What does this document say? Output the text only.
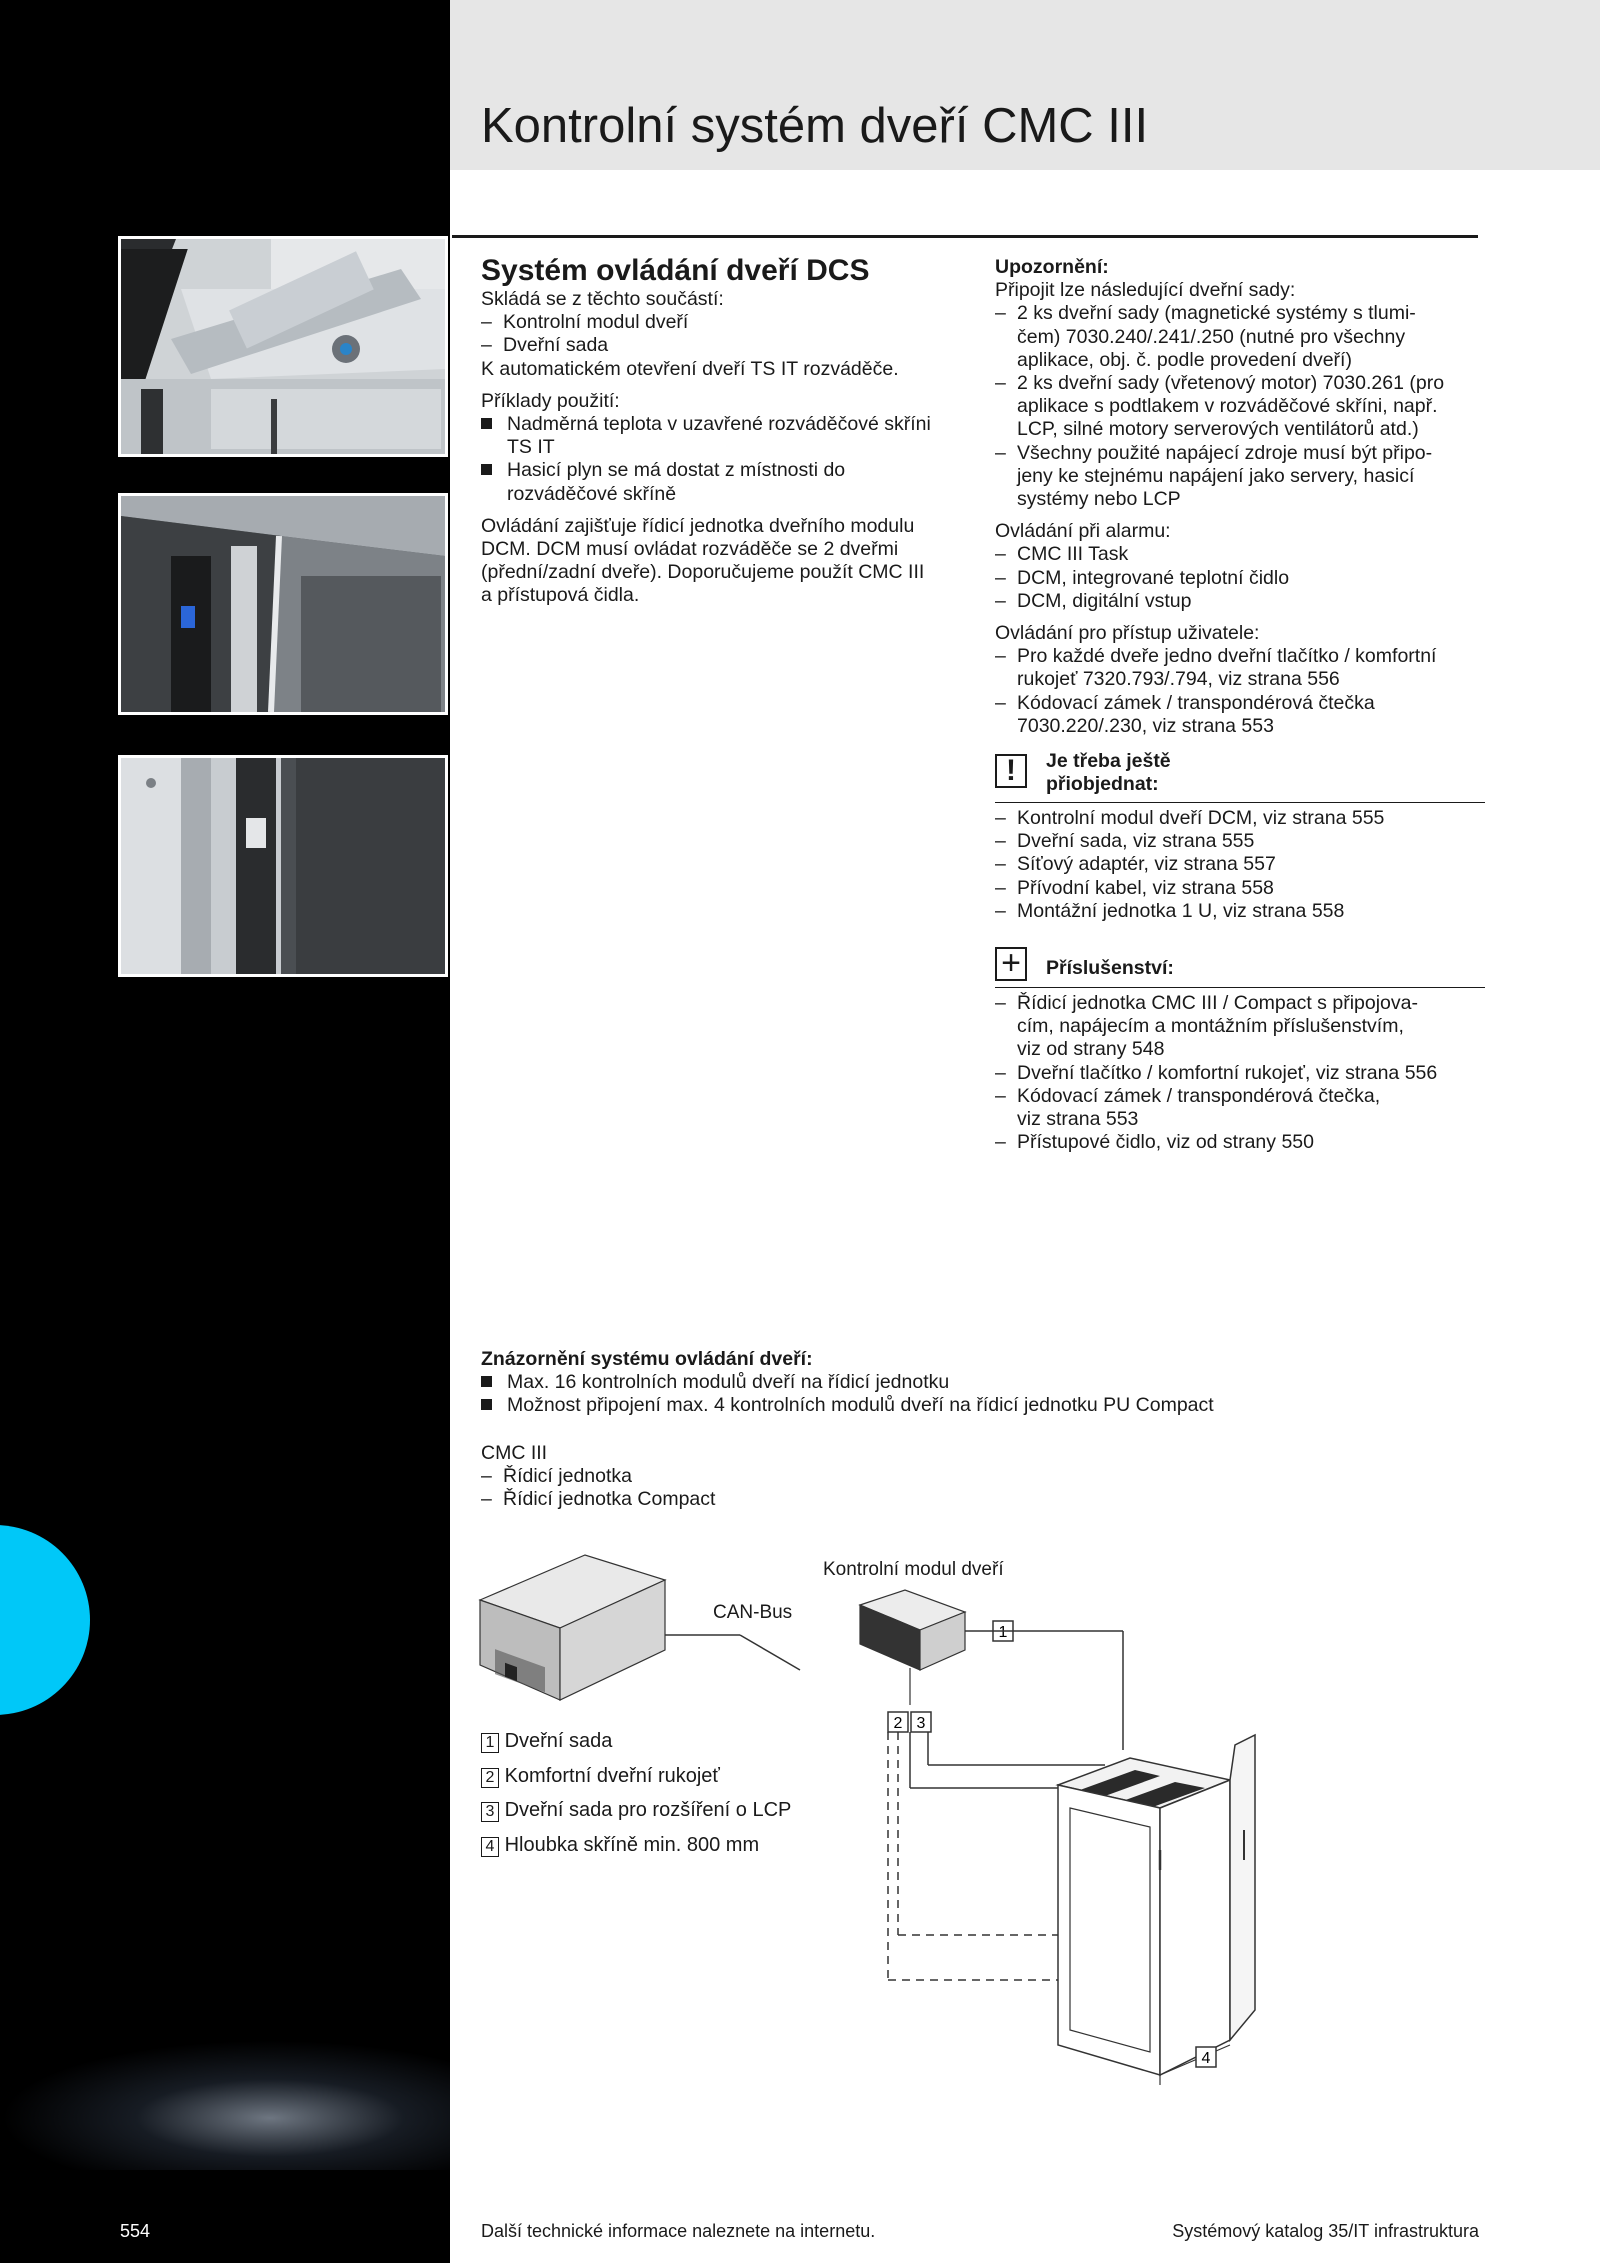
554
Kontrolní systém dveří CMC III

Systém ovládání dveří DCS

Skládá se z těchto součástí:

– Kontrolní modul dveří

– Dveřní sada

K automatickém otevření dveří TS IT rozváděče.

Příklady použití:

Nadměrná teplota v uzavřené rozváděčové skříni
TS IT

Hasicí plyn se má dostat z místnosti do
rozváděčové skříně

Ovládání zajišťuje řídicí jednotka dveřního modulu
DCM. DCM musí ovládat rozváděče se 2 dveřmi
(přední/zadní dveře). Doporučujeme použít CMC III
a přístupová čidla.

Upozornění:

Připojit lze následující dveřní sady:

– 2 ks dveřní sady (magnetické systémy s tlumi-
čem) 7030.240/.241/.250 (nutné pro všechny
aplikace, obj. č. podle provedení dveří)

– 2 ks dveřní sady (vřetenový motor) 7030.261 (pro
aplikace s podtlakem v rozváděčové skříni, např.
LCP, silné motory serverových ventilátorů atd.)

– Všechny použité napájecí zdroje musí být připo-
jeny ke stejnému napájení jako servery, hasicí
systémy nebo LCP

Ovládání při alarmu:

– CMC III Task

– DCM, integrované teplotní čidlo

– DCM, digitální vstup

Ovládání pro přístup uživatele:

– Pro každé dveře jedno dveřní tlačítko / komfortní
rukojeť 7320.793/.794, viz strana 556

– Kódovací zámek / transpondérová čtečka
7030.220/.230, viz strana 553

!	Je třeba ještě
přiobjednat:

– Kontrolní modul dveří DCM, viz strana 555

– Dveřní sada, viz strana 555

– Síťový adaptér, viz strana 557

– Přívodní kabel, viz strana 558

– Montážní jednotka 1 U, viz strana 558

+	Příslušenství:

– Řídicí jednotka CMC III / Compact s připojova-
cím, napájecím a montážním příslušenstvím,
viz od strany 548

– Dveřní tlačítko / komfortní rukojeť, viz strana 556

– Kódovací zámek / transpondérová čtečka,
viz strana 553

– Přístupové čidlo, viz od strany 550

Znázornění systému ovládání dveří:

Max. 16 kontrolních modulů dveří na řídicí jednotku

Možnost připojení max. 4 kontrolních modulů dveří na řídicí jednotku PU Compact

CMC III

– Řídicí jednotka

– Řídicí jednotka Compact

CAN-Bus
Kontrolní modul dveří
1
2 3
4

1 Dveřní sada

2 Komfortní dveřní rukojeť

3 Dveřní sada pro rozšíření o LCP

4 Hloubka skříně min. 800 mm

Další technické informace naleznete na internetu.	Systémový katalog 35/IT infrastruktura
